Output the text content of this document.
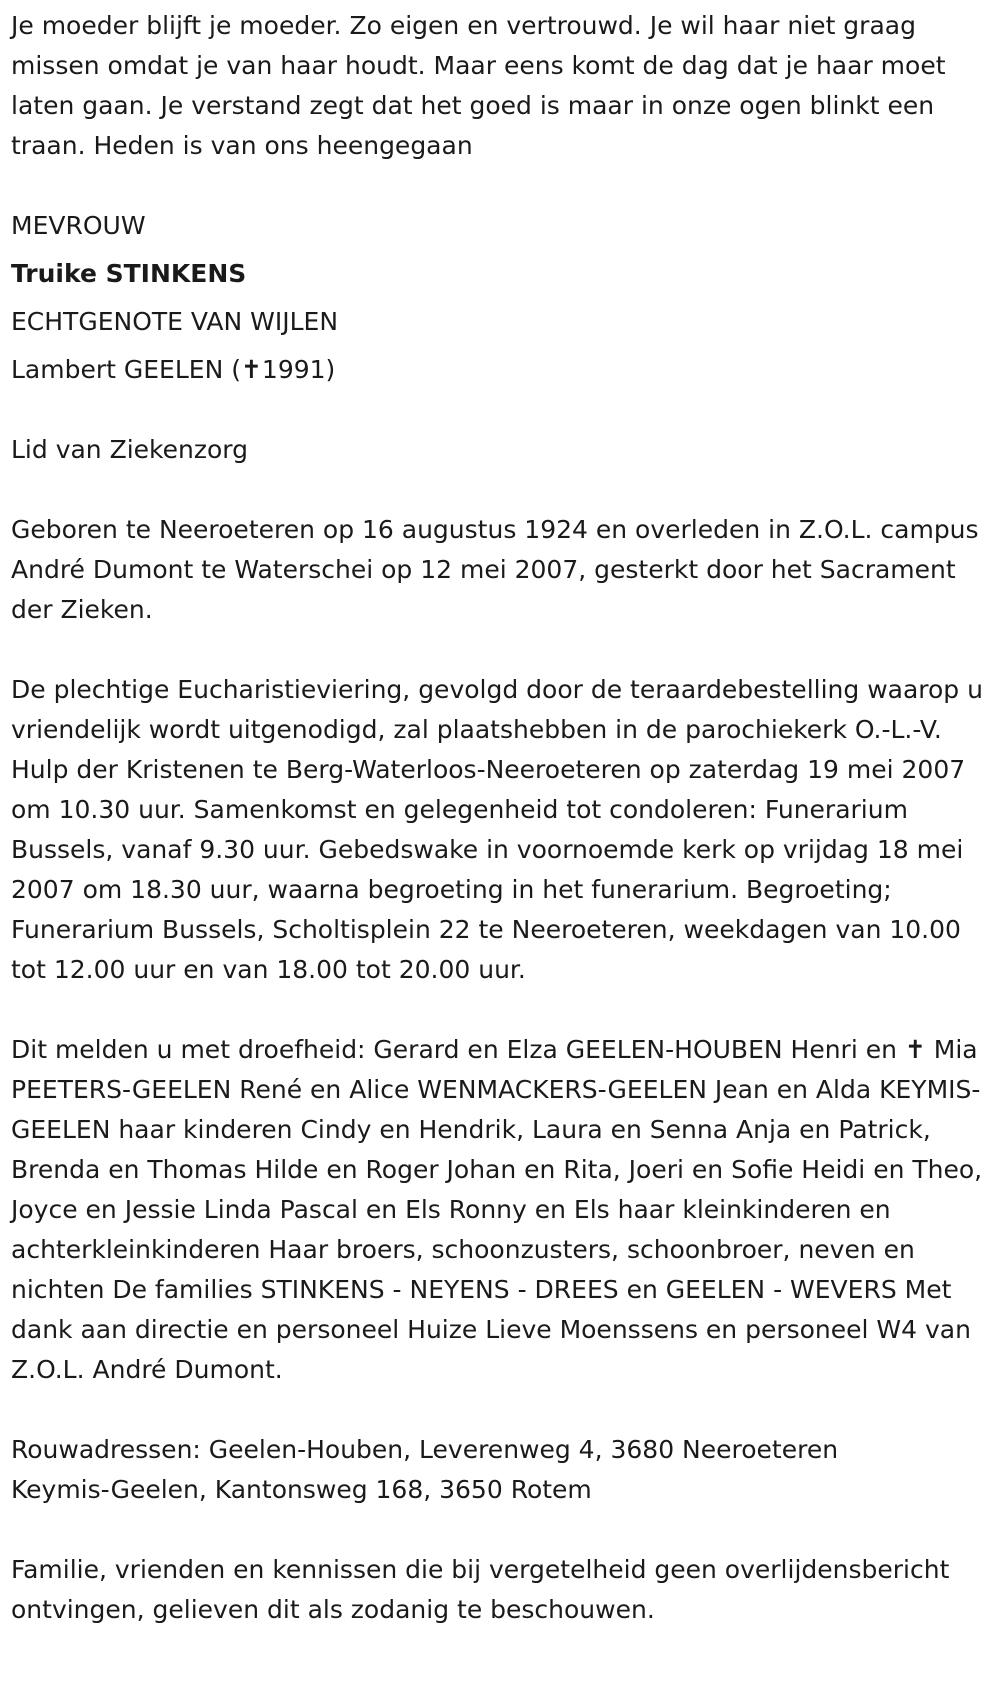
Je moeder blijft je moeder. Zo eigen en vertrouwd. Je wil haar niet graag missen omdat je van haar houdt. Maar eens komt de dag dat je haar moet laten gaan. Je verstand zegt dat het goed is maar in onze ogen blinkt een traan. Heden is van ons heengegaan

MEVROUW

Truike STINKENS

ECHTGENOTE VAN WIJLEN

Lambert GEELEN (✝1991)

Lid van Ziekenzorg

Geboren te Neeroeteren op 16 augustus 1924 en overleden in Z.O.L. campus André Dumont te Waterschei op 12 mei 2007, gesterkt door het Sacrament der Zieken.

De plechtige Eucharistieviering, gevolgd door de teraardebestelling waarop u vriendelijk wordt uitgenodigd, zal plaatshebben in de parochiekerk O.-L.-V. Hulp der Kristenen te Berg-Waterloos-Neeroeteren op zaterdag 19 mei 2007 om 10.30 uur. Samenkomst en gelegenheid tot condoleren: Funerarium Bussels, vanaf 9.30 uur. Gebedswake in voornoemde kerk op vrijdag 18 mei 2007 om 18.30 uur, waarna begroeting in het funerarium. Begroeting; Funerarium Bussels, Scholtisplein 22 te Neeroeteren, weekdagen van 10.00 tot 12.00 uur en van 18.00 tot 20.00 uur.

Dit melden u met droefheid: Gerard en Elza GEELEN-HOUBEN Henri en ✝ Mia PEETERS-GEELEN René en Alice WENMACKERS-GEELEN Jean en Alda KEYMIS-GEELEN haar kinderen Cindy en Hendrik, Laura en Senna Anja en Patrick, Brenda en Thomas Hilde en Roger Johan en Rita, Joeri en Sofie Heidi en Theo, Joyce en Jessie Linda Pascal en Els Ronny en Els haar kleinkinderen en achterkleinkinderen Haar broers, schoonzusters, schoonbroer, neven en nichten De families STINKENS - NEYENS - DREES en GEELEN - WEVERS Met dank aan directie en personeel Huize Lieve Moenssens en personeel W4 van Z.O.L. André Dumont.

Rouwadressen: Geelen-Houben, Leverenweg 4, 3680 Neeroeteren

Keymis-Geelen, Kantonsweg 168, 3650 Rotem

Familie, vrienden en kennissen die bij vergetelheid geen overlijdensbericht ontvingen, gelieven dit als zodanig te beschouwen.
